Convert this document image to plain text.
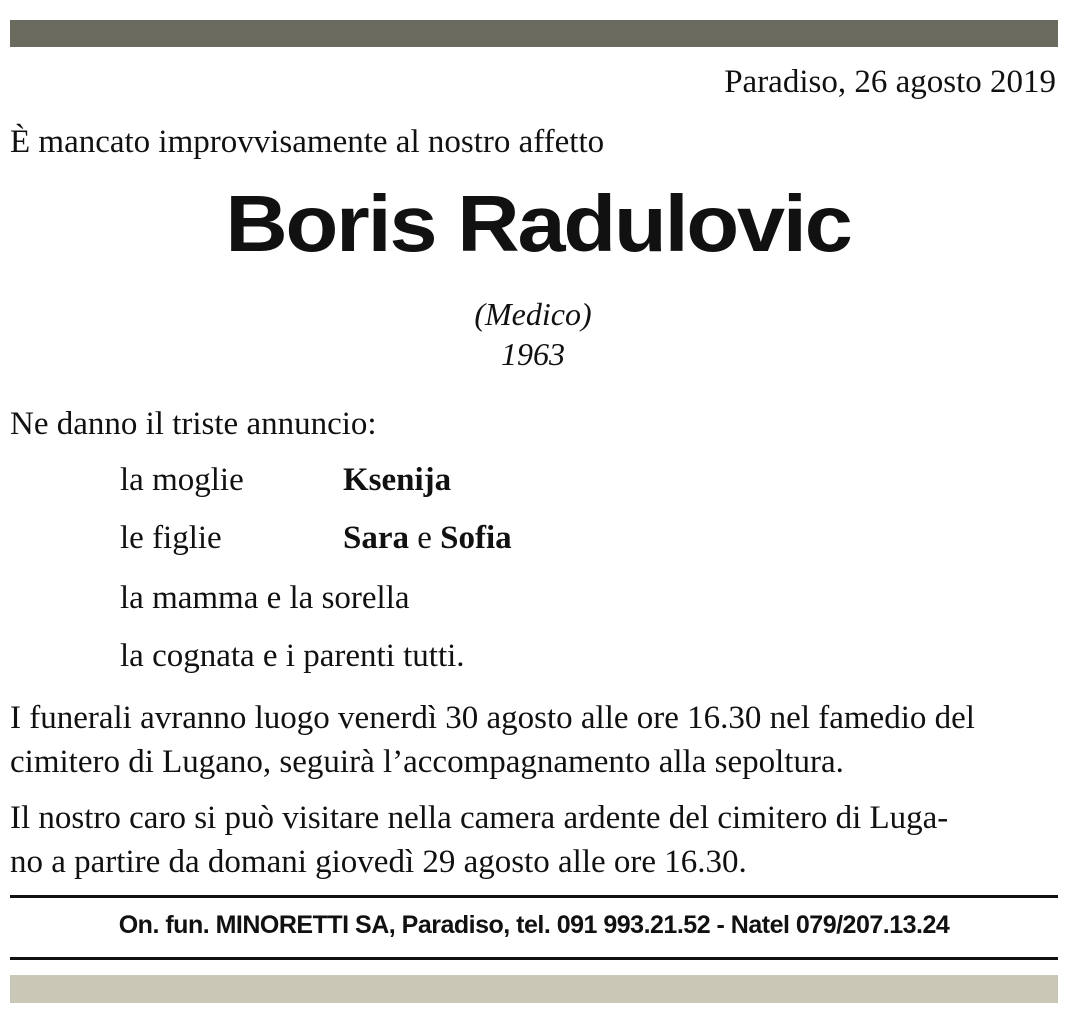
Paradiso, 26 agosto 2019
È mancato improvvisamente al nostro affetto
Boris Radulovic
(Medico)
1963
Ne danno il triste annuncio:
la moglie	Ksenija
le figlie	Sara e Sofia
la mamma e la sorella
la cognata e i parenti tutti.
I funerali avranno luogo venerdì 30 agosto alle ore 16.30 nel famedio del
cimitero di Lugano, seguirà l’accompagnamento alla sepoltura.
Il nostro caro si può visitare nella camera ardente del cimitero di Luga-
no a partire da domani giovedì 29 agosto alle ore 16.30.
On. fun. MINORETTI SA, Paradiso, tel. 091 993.21.52 - Natel 079/207.13.24
